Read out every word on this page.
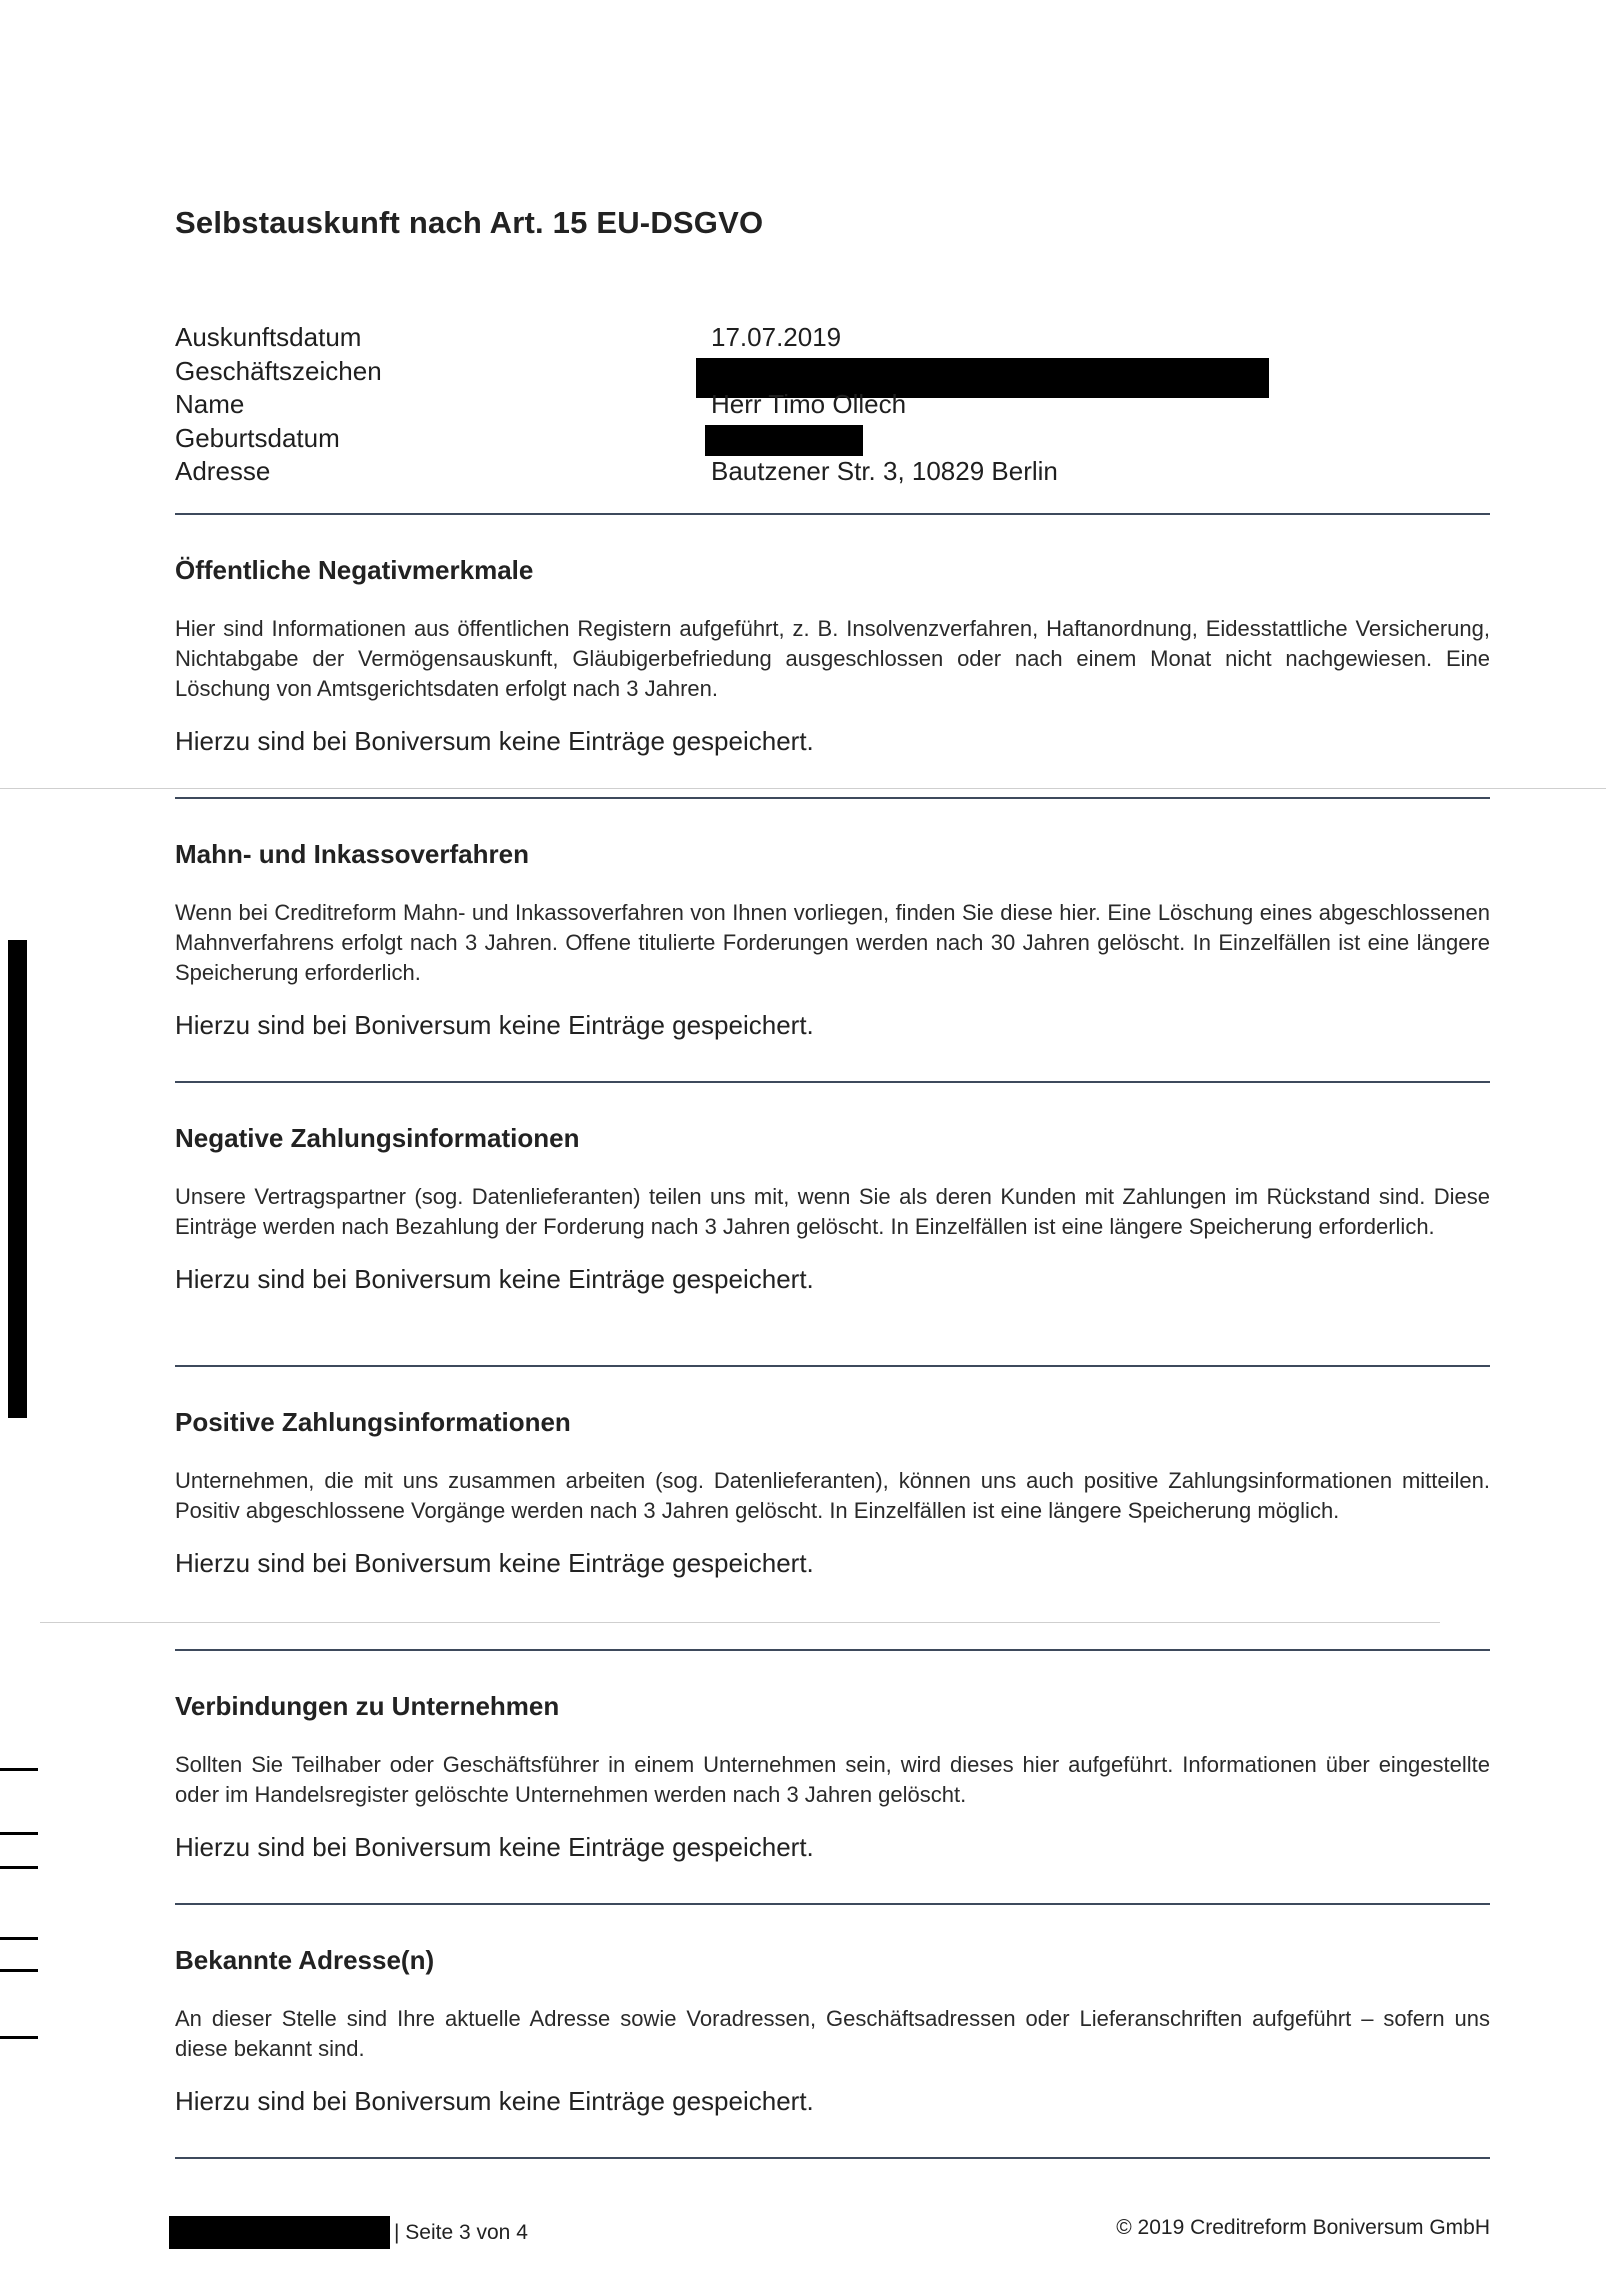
Selbstauskunft nach Art. 15 EU-DSGVO
Auskunftsdatum	17.07.2019
Geschäftszeichen
Name	Herr Timo Ollech
Geburtsdatum
Adresse	Bautzener Str. 3, 10829 Berlin

Öffentliche Negativmerkmale

Hier sind Informationen aus öffentlichen Registern aufgeführt, z. B. Insolvenzverfahren, Haftanordnung, Eidesstattliche Versicherung, Nichtabgabe der Vermögensauskunft, Gläubigerbefriedung ausgeschlossen oder nach einem Monat nicht nachgewiesen. Eine Löschung von Amtsgerichtsdaten erfolgt nach 3 Jahren.

Hierzu sind bei Boniversum keine Einträge gespeichert.

Mahn- und Inkassoverfahren

Wenn bei Creditreform Mahn- und Inkassoverfahren von Ihnen vorliegen, finden Sie diese hier. Eine Löschung eines abgeschlossenen Mahnverfahrens erfolgt nach 3 Jahren. Offene titulierte Forderungen werden nach 30 Jahren gelöscht. In Einzelfällen ist eine längere Speicherung erforderlich.

Hierzu sind bei Boniversum keine Einträge gespeichert.

Negative Zahlungsinformationen

Unsere Vertragspartner (sog. Datenlieferanten) teilen uns mit, wenn Sie als deren Kunden mit Zahlungen im Rückstand sind. Diese Einträge werden nach Bezahlung der Forderung nach 3 Jahren gelöscht. In Einzelfällen ist eine längere Speicherung erforderlich.

Hierzu sind bei Boniversum keine Einträge gespeichert.

Positive Zahlungsinformationen

Unternehmen, die mit uns zusammen arbeiten (sog. Datenlieferanten), können uns auch positive Zahlungsinformationen mitteilen. Positiv abgeschlossene Vorgänge werden nach 3 Jahren gelöscht. In Einzelfällen ist eine längere Speicherung möglich.

Hierzu sind bei Boniversum keine Einträge gespeichert.

Verbindungen zu Unternehmen

Sollten Sie Teilhaber oder Geschäftsführer in einem Unternehmen sein, wird dieses hier aufgeführt. Informationen über eingestellte oder im Handelsregister gelöschte Unternehmen werden nach 3 Jahren gelöscht.

Hierzu sind bei Boniversum keine Einträge gespeichert.

Bekannte Adresse(n)

An dieser Stelle sind Ihre aktuelle Adresse sowie Voradressen, Geschäftsadressen oder Lieferanschriften aufgeführt – sofern uns diese bekannt sind.

Hierzu sind bei Boniversum keine Einträge gespeichert.

| Seite 3 von 4	© 2019 Creditreform Boniversum GmbH
